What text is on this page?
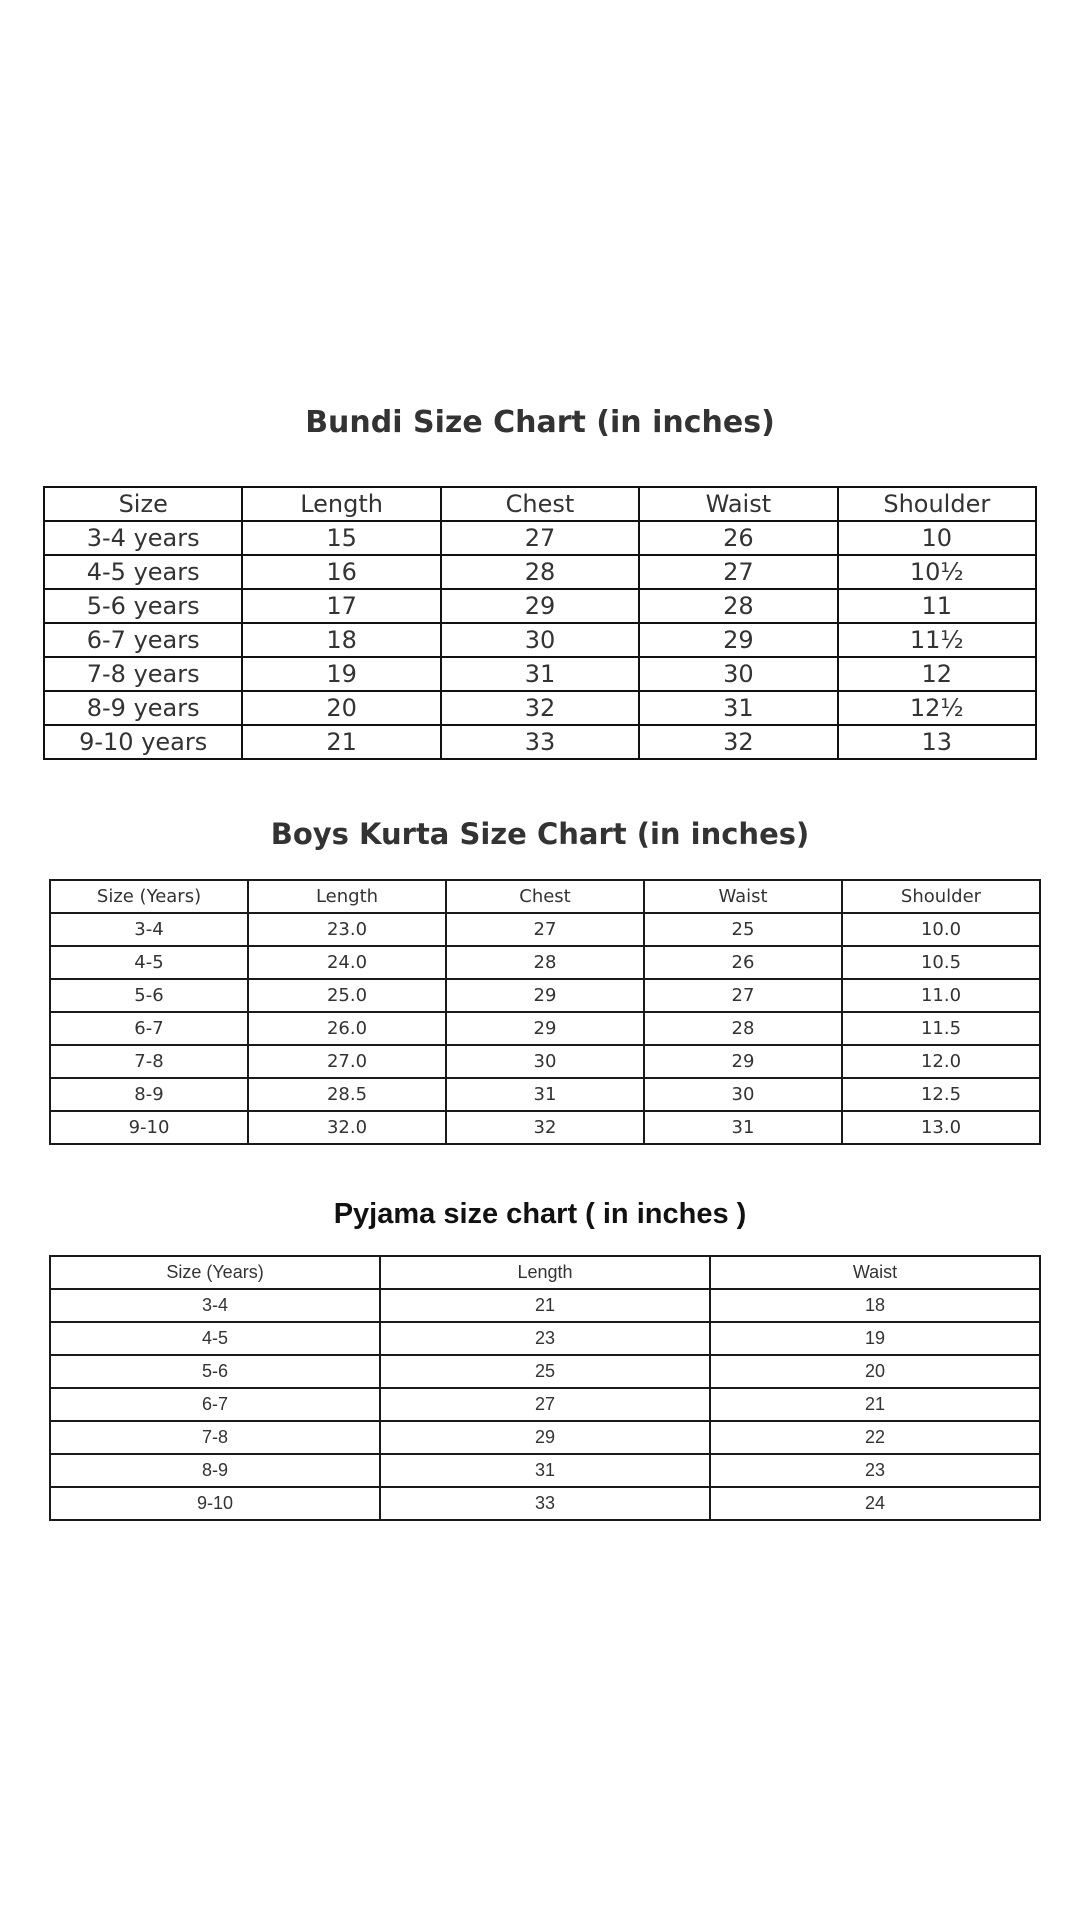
Bundi Size Chart (in inches)
Size	Length	Chest	Waist	Shoulder
3-4 years	15	27	26	10
4-5 years	16	28	27	10½
5-6 years	17	29	28	11
6-7 years	18	30	29	11½
7-8 years	19	31	30	12
8-9 years	20	32	31	12½
9-10 years	21	33	32	13
Boys Kurta Size Chart (in inches)
Size (Years)	Length	Chest	Waist	Shoulder
3-4	23.0	27	25	10.0
4-5	24.0	28	26	10.5
5-6	25.0	29	27	11.0
6-7	26.0	29	28	11.5
7-8	27.0	30	29	12.0
8-9	28.5	31	30	12.5
9-10	32.0	32	31	13.0
Pyjama size chart ( in inches )
Size (Years)	Length	Waist
3-4	21	18
4-5	23	19
5-6	25	20
6-7	27	21
7-8	29	22
8-9	31	23
9-10	33	24
